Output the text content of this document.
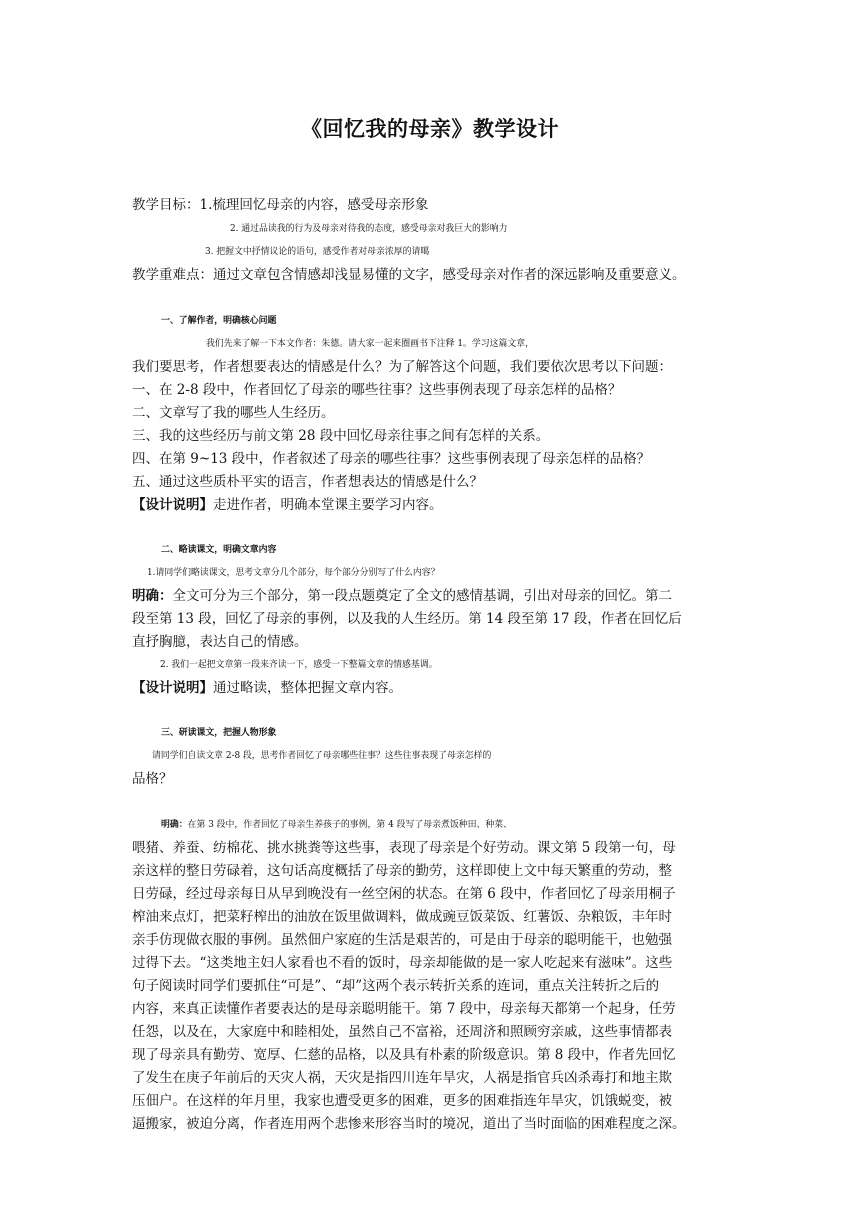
《回忆我的母亲》教学设计
教学目标：1.梳理回忆母亲的内容，感受母亲形象
2. 通过品读我的行为及母亲对待我的态度，感受母亲对我巨大的影响力
3. 把握文中抒情议论的语句，感受作者对母亲浓厚的请噶
教学重难点：通过文章包含情感却浅显易懂的文字，感受母亲对作者的深远影响及重要意义。
一、了解作者，明确核心问题
我们先来了解一下本文作者：朱德。请大家一起来圈画书下注释 1。学习这篇文章，
我们要思考，作者想要表达的情感是什么？为了解答这个问题，我们要依次思考以下问题：
一、在 2-8 段中，作者回忆了母亲的哪些往事？这些事例表现了母亲怎样的品格？
二、文章写了我的哪些人生经历。
三、我的这些经历与前文第 28 段中回忆母亲往事之间有怎样的关系。
四、在第 9~13 段中，作者叙述了母亲的哪些往事？这些事例表现了母亲怎样的品格？
五、通过这些质朴平实的语言，作者想表达的情感是什么？
【设计说明】走进作者，明确本堂课主要学习内容。
二、略读课文，明确文章内容
1.请同学们略读课文，思考文章分几个部分，每个部分分别写了什么内容？
明确：全文可分为三个部分，第一段点题奠定了全文的感情基调，引出对母亲的回忆。第二
段至第 13 段，回忆了母亲的事例，以及我的人生经历。第 14 段至第 17 段，作者在回忆后
直抒胸臆，表达自己的情感。
2. 我们一起把文章第一段来齐读一下，感受一下整篇文章的情感基调。
【设计说明】通过略读，整体把握文章内容。
三、研读课文，把握人物形象
请同学们自读文章 2-8 段，思考作者回忆了母亲哪些往事？这些往事表现了母亲怎样的
品格？
明确：在第 3 段中，作者回忆了母亲生养孩子的事例，第 4 段写了母亲煮饭种田、种菜、
喂猪、养蚕、纺棉花、挑水挑粪等这些事，表现了母亲是个好劳动。课文第 5 段第一句，母
亲这样的整日劳碌着，这句话高度概括了母亲的勤劳，这样即使上文中每天繁重的劳动，整
日劳碌，经过母亲每日从早到晚没有一丝空闲的状态。在第 6 段中，作者回忆了母亲用桐子
榨油来点灯，把菜籽榨出的油放在饭里做调料，做成豌豆饭菜饭、红薯饭、杂粮饭，丰年时
亲手仿现做衣服的事例。虽然佃户家庭的生活是艰苦的，可是由于母亲的聪明能干，也勉强
过得下去。“这类地主妇人家看也不看的饭时，母亲却能做的是一家人吃起来有滋味”。这些
句子阅读时同学们要抓住“可是”、“却”这两个表示转折关系的连词，重点关注转折之后的
内容，来真正读懂作者要表达的是母亲聪明能干。第 7 段中，母亲每天都第一个起身，任劳
任怨，以及在，大家庭中和睦相处，虽然自己不富裕，还周济和照顾穷亲戚，这些事情都表
现了母亲具有勤劳、宽厚、仁慈的品格，以及具有朴素的阶级意识。第 8 段中，作者先回忆
了发生在庚子年前后的天灾人祸，天灾是指四川连年旱灾，人祸是指官兵凶杀毒打和地主欺
压佃户。在这样的年月里，我家也遭受更多的困难，更多的困难指连年旱灾，饥饿蜕变，被
逼搬家，被迫分离，作者连用两个悲惨来形容当时的境况，道出了当时面临的困难程度之深。
